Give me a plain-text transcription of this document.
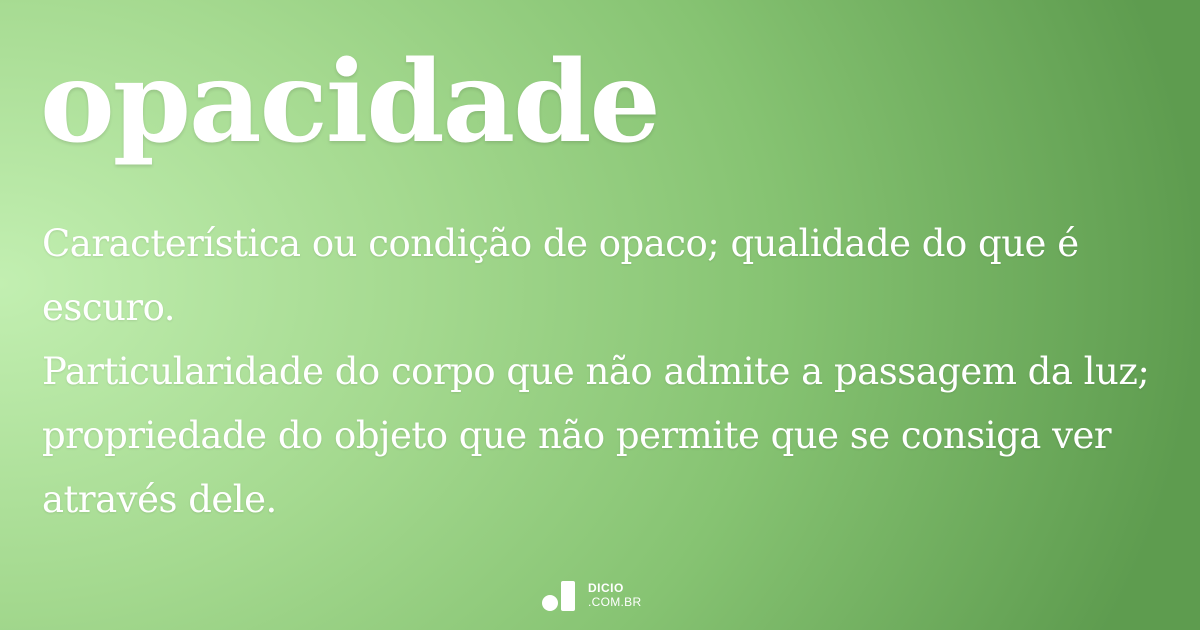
opacidade

Característica ou condição de opaco; qualidade do que é escuro.

Particularidade do corpo que não admite a passagem da luz; propriedade do objeto que não permite que se consiga ver através dele.

DICIO
.COM.BR
